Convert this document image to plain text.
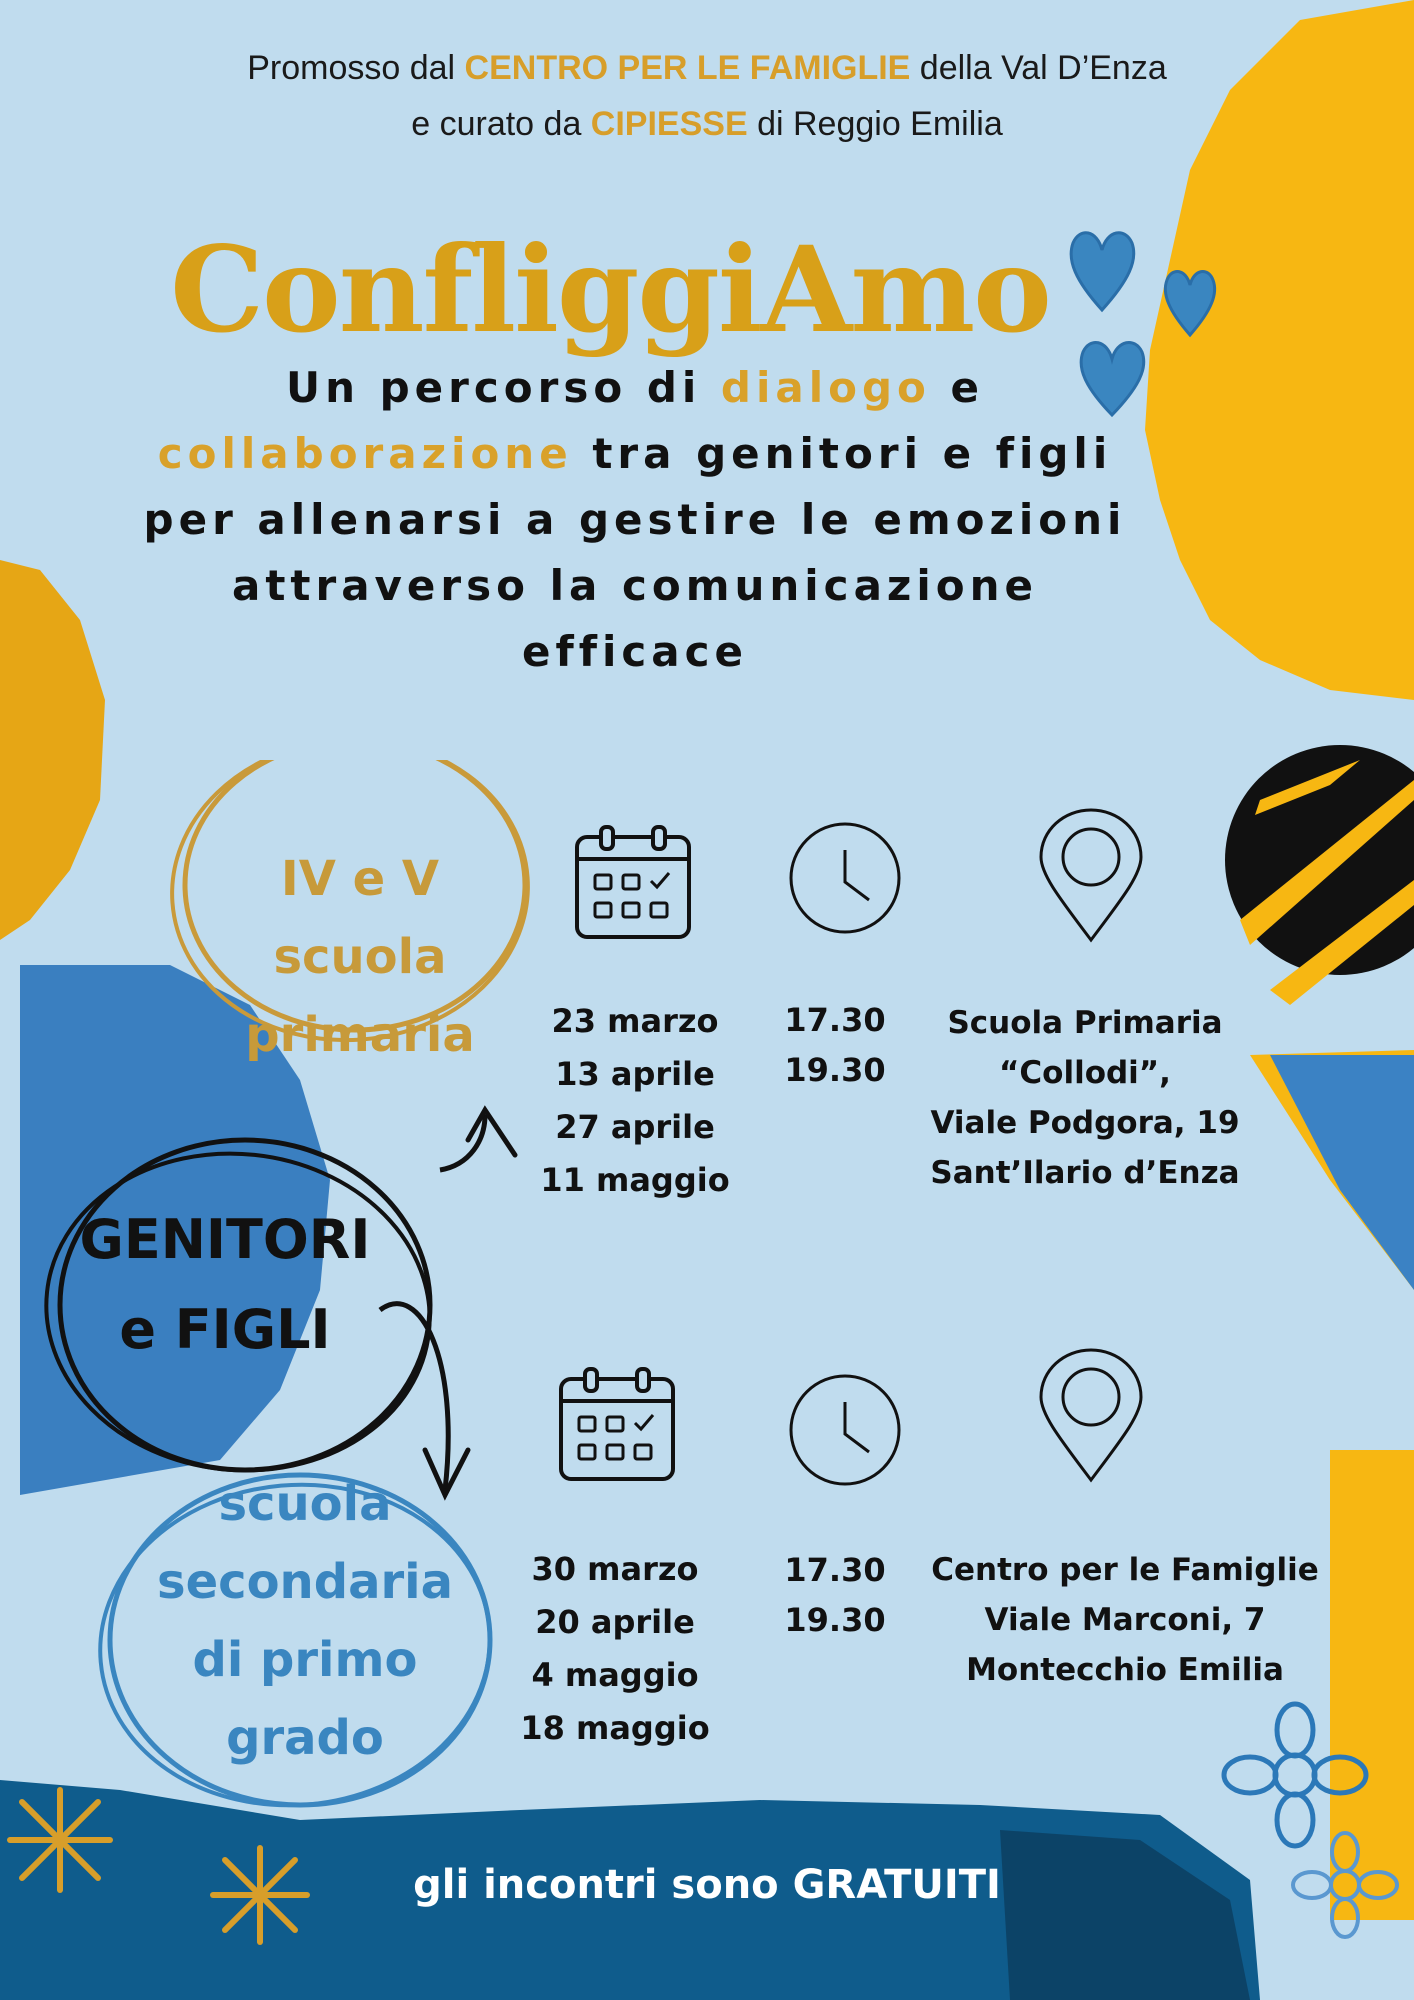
Promosso dal CENTRO PER LE FAMIGLIE della Val D’Enza
e curato da CIPIESSE di Reggio Emilia
ConfliggiAmo
Un percorso di dialogo e
collaborazione tra genitori e figli
per allenarsi a gestire le emozioni
attraverso la comunicazione
efficace
IV e V
scuola
primaria
GENITORI
e FIGLI
scuola
secondaria
di primo
grado
23 marzo
13 aprile
27 aprile
11 maggio
17.30
19.30
Scuola Primaria
“Collodi”,
Viale Podgora, 19
Sant’Ilario d’Enza
30 marzo
20 aprile
4 maggio
18 maggio
17.30
19.30
Centro per le Famiglie
Viale Marconi, 7
Montecchio Emilia
gli incontri sono GRATUITI
